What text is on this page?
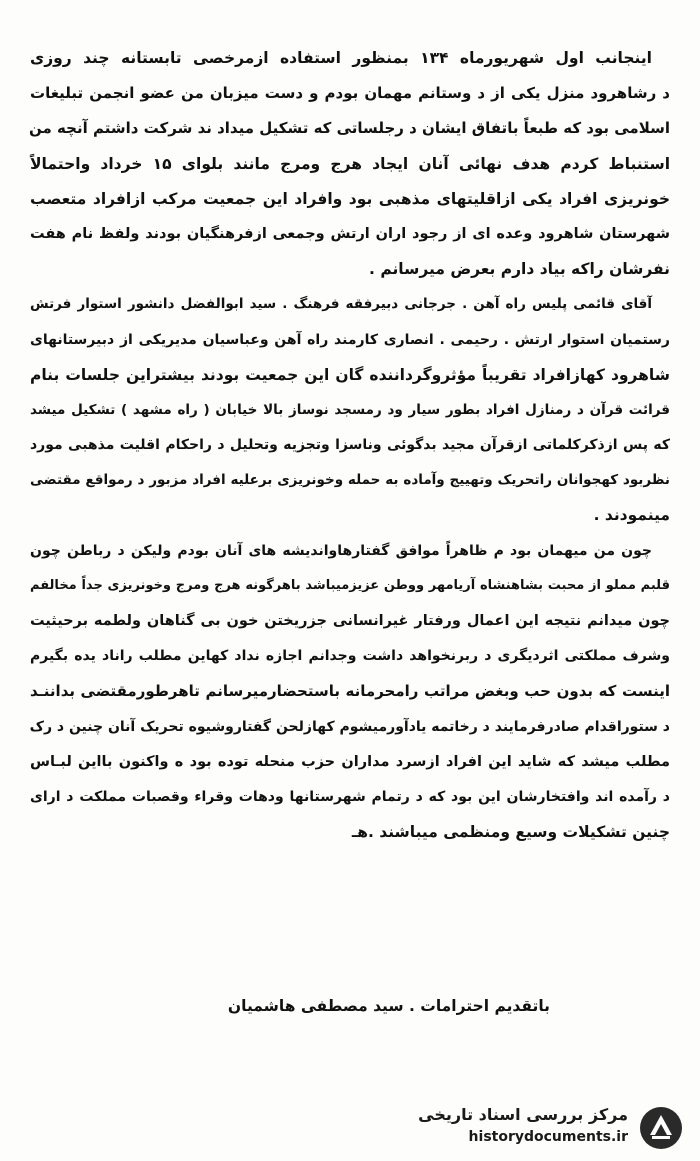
اینجانب اول شهریورماه ۱۳۴ بمنظور استفاده ازمرخصی تابستانه چند روزی
د رشاهرود منزل یکی از د وستانم مهمان بودم و دست میزبان من عضو انجمن تبلیغات
اسلامی بود که طبعاً باتفاق ایشان د رجلساتی که تشکیل میداد ند شرکت داشتم آنچه من
استنباط کردم هدف نهائی آنان ایجاد هرج ومرج مانند بلوای ۱۵ خرداد واحتمالاً
خونریزی افراد یکی ازاقلیتهای مذهبی بود وافراد این جمعیت مرکب ازافراد متعصب
شهرستان شاهرود وعده ای از رجود اران ارتش وجمعی ازفرهنگیان بودند ولفظ نام هفت
نفرشان راکه بیاد دارم بعرض میرسانم .
آقای قائمی پلیس راه آهن . جرجانی دبیرفقه فرهنگ . سید ابوالفضل دانشور استوار فرتش
رستمیان استوار ارتش . رحیمی . انصاری کارمند راه آهن وعباسیان مدیریکی از دبیرستانهای
شاهرود کهازافراد تقریباً مؤثروگرداننده گان این جمعیت بودند بیشتراین جلسات بنام
قرائت قرآن د رمنازل افراد بطور سیار ود رمسجد نوساز بالا خیابان ( راه مشهد ) تشکیل میشد
که پس ازذکرکلماتی ازقرآن مجید بدگوئی وناسزا وتجزیه وتحلیل د راحکام اقلیت مذهبی مورد
نظربود کهجوانان راتحریک وتهییج وآماده به حمله وخونریزی برعلیه افراد مزبور د رمواقع مقتضی
مینمودند .
چون من میهمان بود م ظاهراً موافق گفتارهاواندیشه های آنان بودم ولیکن د رباطن چون
قلبم مملو از محبت بشاهنشاه آریامهر ووطن عزیزمیباشد باهرگونه هرج ومرج وخونریزی جداً مخالفم
چون میدانم نتیجه این اعمال ورفتار غیرانسانی جزریختن خون بی گناهان ولطمه برحیثیت
وشرف مملکتی اثردیگری د ربرنخواهد داشت وجدانم اجازه نداد کهاین مطلب راناد یده بگیرم
اینست که بدون حب وبغض مراتب رامحرمانه باستحضارمیرسانم تاهرطورمقتضی بداننـد
د ستوراقدام صادرفرمایند د رخاتمه یادآورمیشوم کهازلحن گفتاروشیوه تحریک آنان چنین د رک
مطلب میشد که شاید این افراد ازسرد مداران حزب منحله توده بود ه واکنون بااین لبـاس
د رآمده اند وافتخارشان این بود که د رتمام شهرستانها ودهات وقراء وقصبات مملکت د ارای
چنین تشکیلات وسیع ومنظمی میباشند .هـ
باتقدیم احترامات . سید مصطفی هاشمیان
مرکز بررسی اسناد تاریخی
historydocuments.ir
